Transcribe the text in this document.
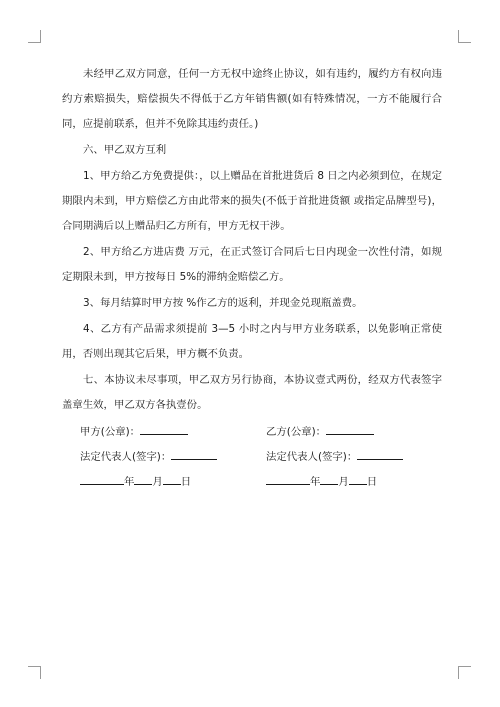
未经甲乙双方同意，任何一方无权中途终止协议，如有违约，履约方有权向违约方索赔损失，赔偿损失不得低于乙方年销售额(如有特殊情况，一方不能履行合同，应提前联系，但并不免除其违约责任。)

六、甲乙双方互利

1、甲方给乙方免费提供：，以上赠品在首批进货后 8 日之内必须到位，在规定期限内未到，甲方赔偿乙方由此带来的损失(不低于首批进货额 或指定品牌型号)，合同期满后以上赠品归乙方所有，甲方无权干涉。

2、甲方给乙方进店费 万元，在正式签订合同后七日内现金一次性付清，如规定期限未到，甲方按每日 5%的滞纳金赔偿乙方。

3、每月结算时甲方按 %作乙方的返利，并现金兑现瓶盖费。

4、乙方有产品需求须提前 3—5 小时之内与甲方业务联系，以免影响正常使用，否则出现其它后果，甲方概不负责。

七、本协议未尽事项，甲乙双方另行协商，本协议壹式两份，经双方代表签字盖章生效，甲乙双方各执壹份。

甲方(公章)：	乙方(公章)：
法定代表人(签字)：	法定代表人(签字)：
年 月 日	年 月 日
